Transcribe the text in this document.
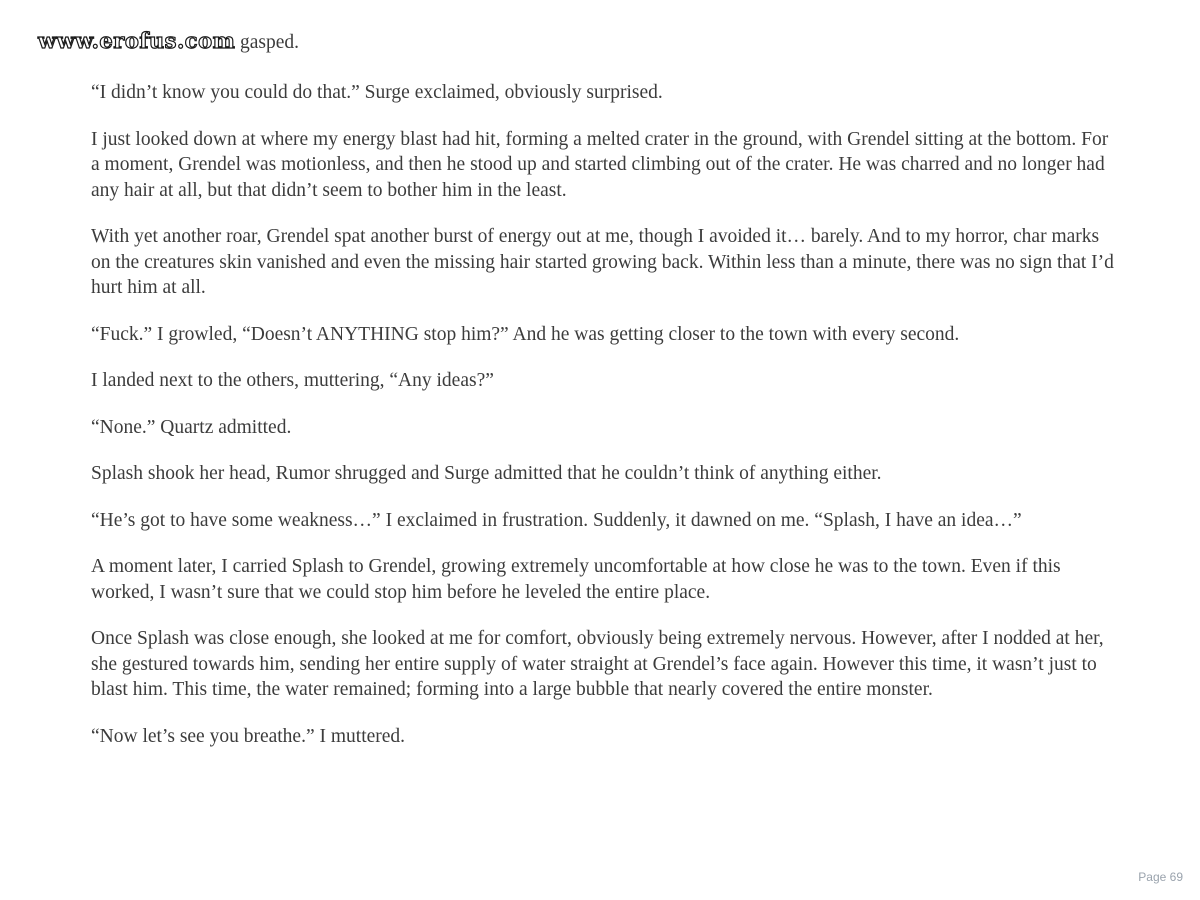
www.erofus.com gasped.

“I didn’t know you could do that.” Surge exclaimed, obviously surprised.

I just looked down at where my energy blast had hit, forming a melted crater in the ground, with Grendel sitting at the bottom. For a moment, Grendel was motionless, and then he stood up and started climbing out of the crater. He was charred and no longer had any hair at all, but that didn’t seem to bother him in the least.

With yet another roar, Grendel spat another burst of energy out at me, though I avoided it… barely. And to my horror, char marks on the creatures skin vanished and even the missing hair started growing back. Within less than a minute, there was no sign that I’d hurt him at all.

“Fuck.” I growled, “Doesn’t ANYTHING stop him?” And he was getting closer to the town with every second.

I landed next to the others, muttering, “Any ideas?”

“None.” Quartz admitted.

Splash shook her head, Rumor shrugged and Surge admitted that he couldn’t think of anything either.

“He’s got to have some weakness…” I exclaimed in frustration. Suddenly, it dawned on me. “Splash, I have an idea…”

A moment later, I carried Splash to Grendel, growing extremely uncomfortable at how close he was to the town. Even if this worked, I wasn’t sure that we could stop him before he leveled the entire place.

Once Splash was close enough, she looked at me for comfort, obviously being extremely nervous. However, after I nodded at her, she gestured towards him, sending her entire supply of water straight at Grendel’s face again. However this time, it wasn’t just to blast him. This time, the water remained; forming into a large bubble that nearly covered the entire monster.

“Now let’s see you breathe.” I muttered.

Page 69
